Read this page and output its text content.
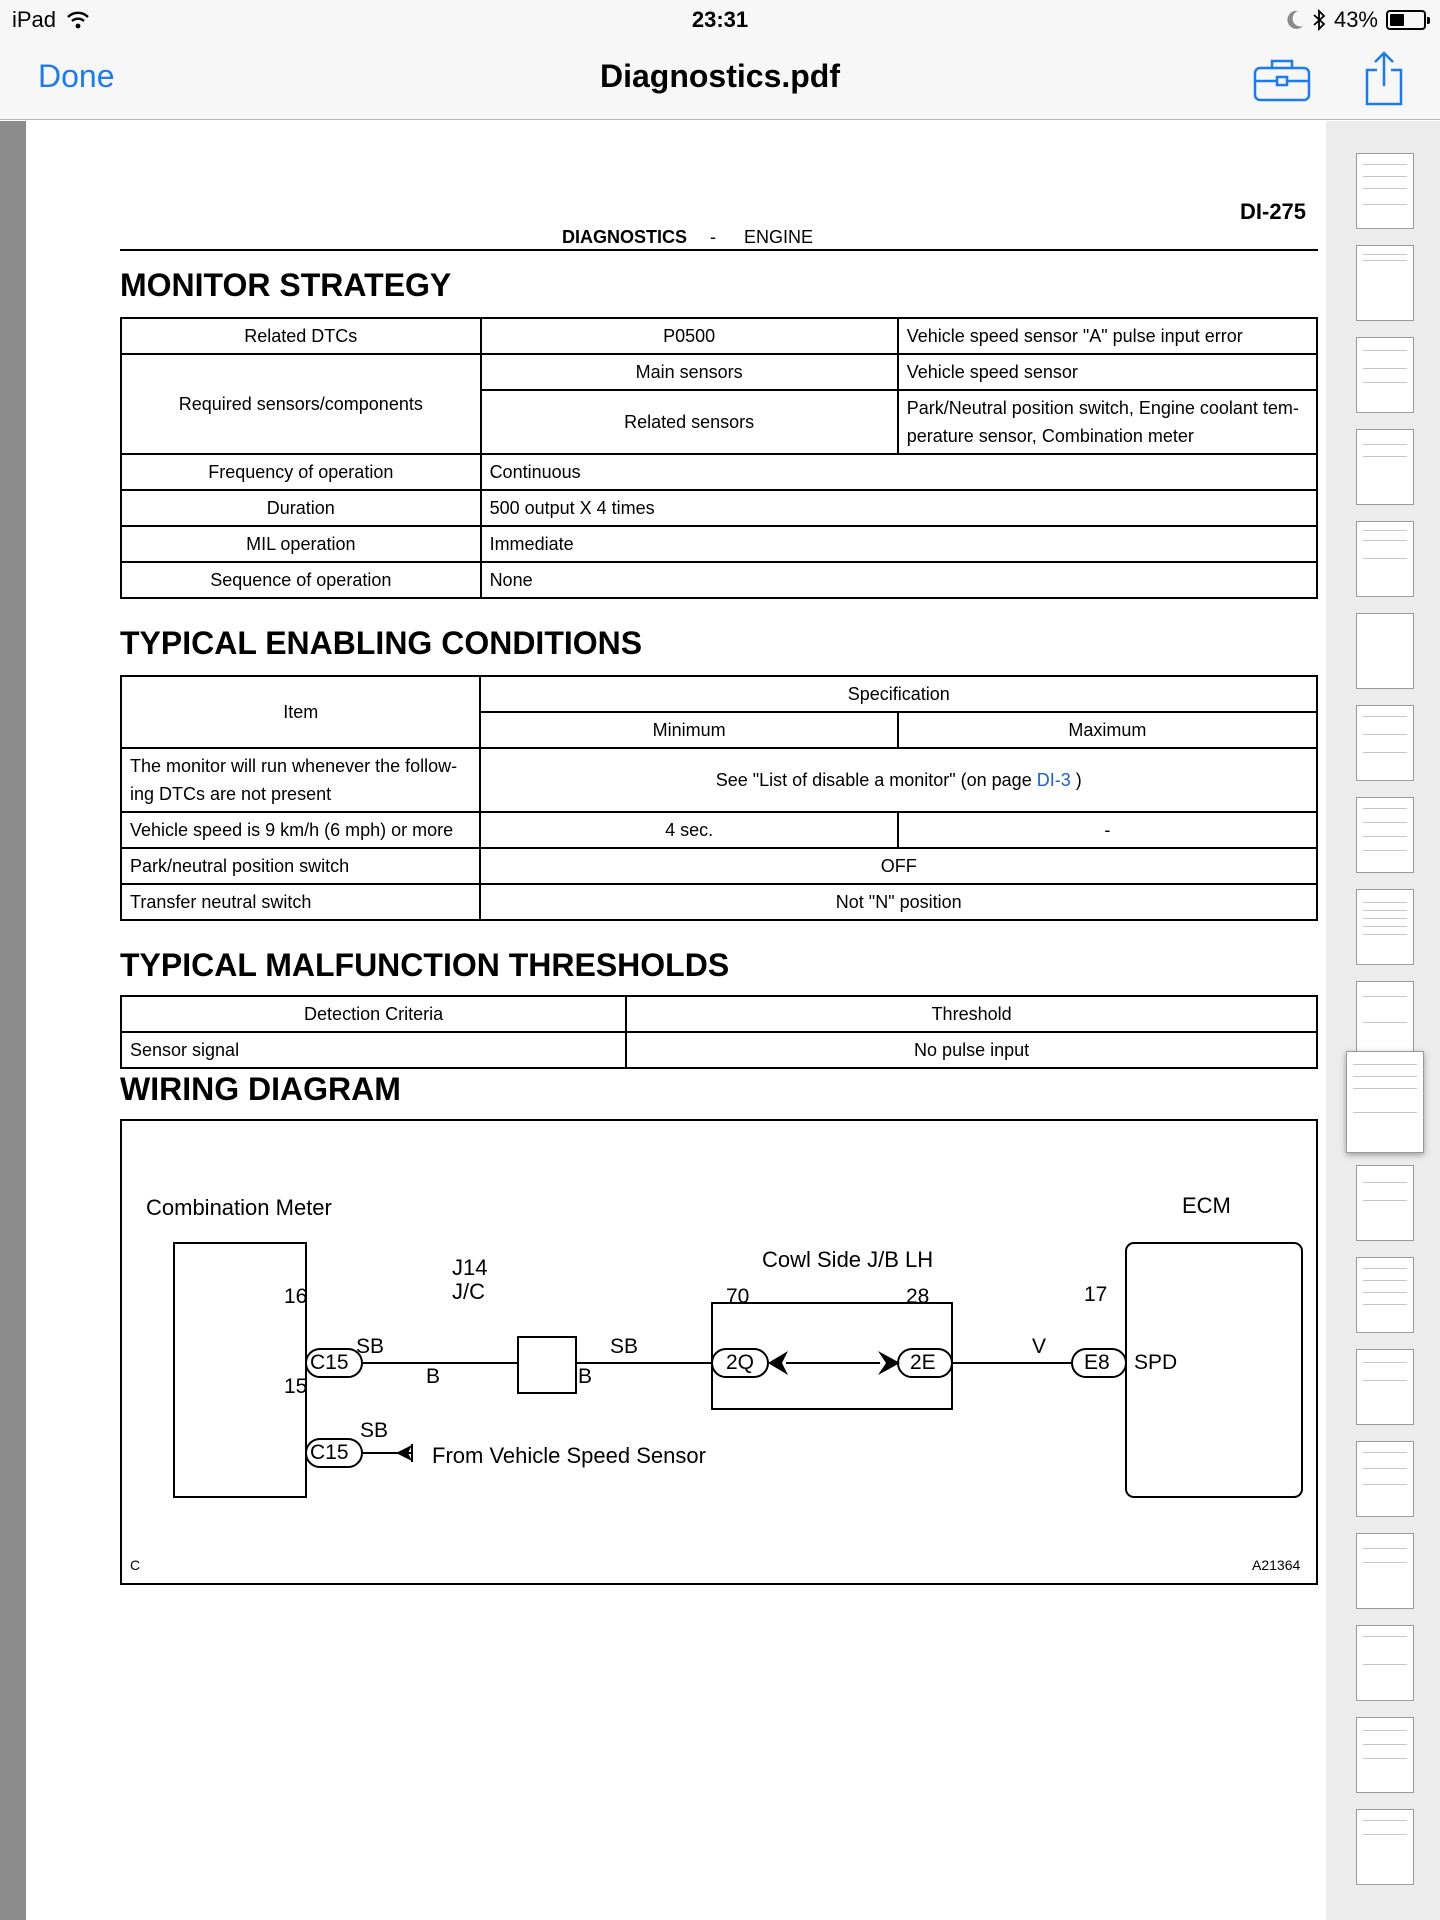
iPad	23:31	43%
Done	Diagnostics.pdf
DI-275
DIAGNOSTICS - ENGINE
MONITOR STRATEGY
Related DTCs	P0500	Vehicle speed sensor "A" pulse input error
Required sensors/components	Main sensors	Vehicle speed sensor
	Related sensors	Park/Neutral position switch, Engine coolant tem-
perature sensor, Combination meter

Frequency of operation	Continuous	
Duration	500 output X 4 times	
MIL operation	Immediate	
Sequence of operation	None	
TYPICAL ENABLING CONDITIONS
Item	Specification	
	Minimum	Maximum

The monitor will run whenever the follow-
ing DTCs are not present	See "List of disable a monitor" (on page DI-3 )	
Vehicle speed is 9 km/h (6 mph) or more	4 sec.	-
Park/neutral position switch	OFF	
Transfer neutral switch	Not "N" position	
TYPICAL MALFUNCTION THRESHOLDS
Detection Criteria	Threshold
Sensor signal	No pulse input
WIRING DIAGRAM
Combination Meter	ECM
J14
J/C
Cowl Side J/B LH
16
C15
SB
B	B
SB
70
2Q
28
2E
V
17
E8 SPD
15
C15
SB
From Vehicle Speed Sensor
C	A21364
